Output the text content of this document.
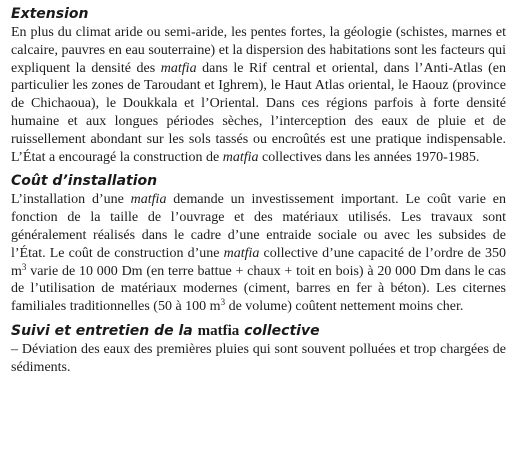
Extension

En plus du climat aride ou semi-aride, les pentes fortes, la géologie (schistes, marnes et calcaire, pauvres en eau souterraine) et la dispersion des habitations sont les facteurs qui expliquent la densité des matfia dans le Rif central et oriental, dans l’Anti-Atlas (en particulier les zones de Taroudant et Ighrem), le Haut Atlas oriental, le Haouz (province de Chichaoua), le Doukkala et l’Oriental. Dans ces régions parfois à forte densité humaine et aux longues périodes sèches, l’interception des eaux de pluie et de ruissellement abondant sur les sols tassés ou encroûtés est une pratique indispensable. L’État a encouragé la construction de matfia collectives dans les années 1970-1985.

Coût d’installation

L’installation d’une matfia demande un investissement important. Le coût varie en fonction de la taille de l’ouvrage et des matériaux utilisés. Les travaux sont généralement réalisés dans le cadre d’une entraide sociale ou avec les subsides de l’État. Le coût de construction d’une matfia collective d’une capacité de l’ordre de 350 $m^3$ varie de 10 000 Dm (en terre battue + chaux + toit en bois) à 20 000 Dm dans le cas de l’utilisation de matériaux modernes (ciment, barres en fer à béton). Les citernes familiales traditionnelles (50 à 100 $m^3$ de volume) coûtent nettement moins cher.

Suivi et entretien de la matfia collective

– Déviation des eaux des premières pluies qui sont souvent polluées et trop chargées de sédiments.
